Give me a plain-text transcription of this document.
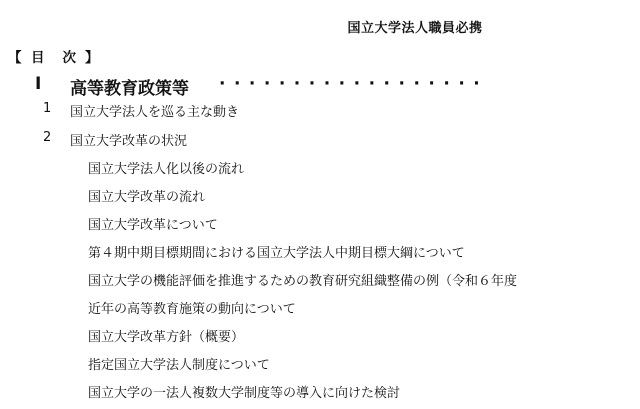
国立大学法人職員必携
【 目 次 】
Ⅰ 高等教育政策等 ··················
1 国立大学法人を巡る主な動き
2 国立大学改革の状況
国立大学法人化以後の流れ
国立大学改革の流れ
国立大学改革について
第４期中期目標期間における国立大学法人中期目標大綱について
国立大学の機能評価を推進するための教育研究組織整備の例（令和６年度
近年の高等教育施策の動向について
国立大学改革方針（概要）
指定国立大学法人制度について
国立大学の一法人複数大学制度等の導入に向けた検討
